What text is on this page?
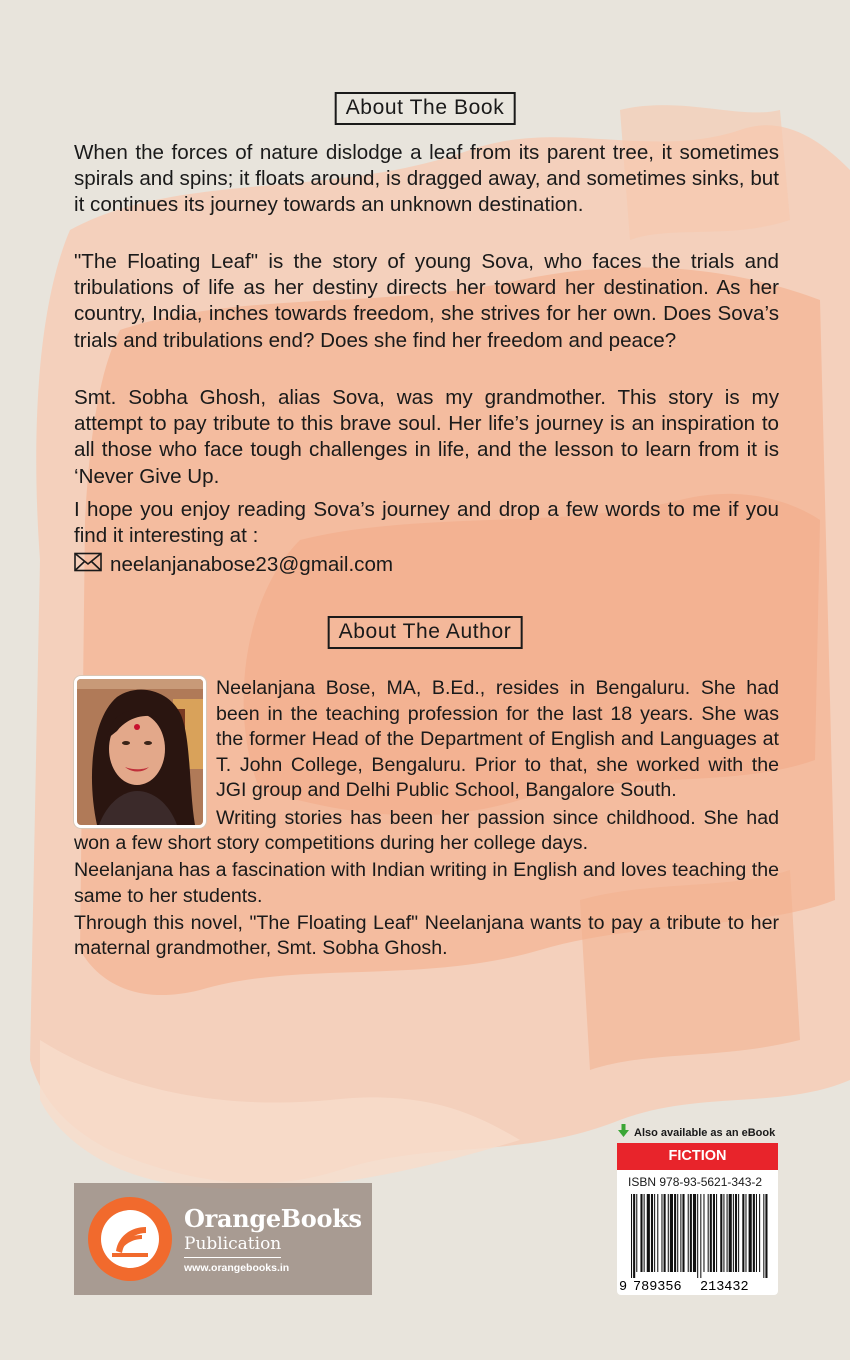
About The Book

When the forces of nature dislodge a leaf from its parent tree, it sometimes spirals and spins; it floats around, is dragged away, and sometimes sinks, but it continues its journey towards an unknown destination.

"The Floating Leaf" is the story of young Sova, who faces the trials and tribulations of life as her destiny directs her toward her destination. As her country, India, inches towards freedom, she strives for her own. Does Sova’s trials and tribulations end? Does she find her freedom and peace?

Smt. Sobha Ghosh, alias Sova, was my grandmother. This story is my attempt to pay tribute to this brave soul. Her life’s journey is an inspiration to all those who face tough challenges in life, and the lesson to learn from it is ‘Never Give Up.

I hope you enjoy reading Sova’s journey and drop a few words to me if you find it interesting at :

neelanjanabose23@gmail.com
About The Author

Neelanjana Bose, MA, B.Ed., resides in Bengaluru. She had been in the teaching profession for the last 18 years. She was the former Head of the Department of English and Languages at T. John College, Bengaluru. Prior to that, she worked with the JGI group and Delhi Public School, Bangalore South.

Writing stories has been her passion since childhood. She had won a few short story competitions during her college days.

Neelanjana has a fascination with Indian writing in English and loves teaching the same to her students.

Through this novel, "The Floating Leaf" Neelanjana wants to pay a tribute to her maternal grandmother, Smt. Sobha Ghosh.

OrangeBooks
Publication
www.orangebooks.in
Also available as an eBook
FICTION
ISBN 978-93-5621-343-2
9 789356 213432
